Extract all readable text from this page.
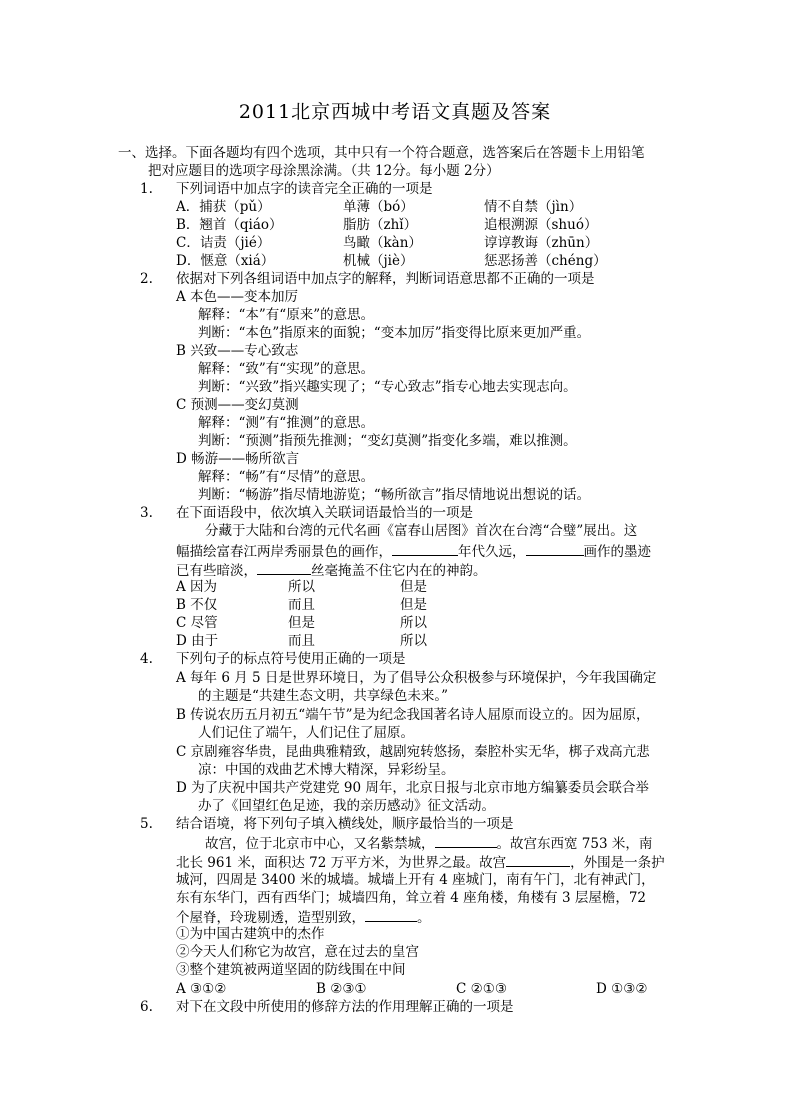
2011北京西城中考语文真题及答案
一、选择。下面各题均有四个选项，其中只有一个符合题意，选答案后在答题卡上用铅笔
把对应题目的选项字母涂黑涂满。（共 12分。每小题 2分）
1. 下列词语中加点字的读音完全正确的一项是
A．捕获（pǔ）	单薄（bó）	情不自禁（jìn）
B．翘首（qiáo）	脂肪（zhǐ）	追根溯源（shuó）
C．诘责（jié）	鸟瞰（kàn）	谆谆教诲（zhūn）
D．惬意（xiá）	机械（jiè）	惩恶扬善（chéng）
2. 依据对下列各组词语中加点字的解释，判断词语意思都不正确的一项是
A 本色——变本加厉
解释：“本”有“原来”的意思。
判断：“本色”指原来的面貌；“变本加厉”指变得比原来更加严重。
B 兴致——专心致志
解释：“致”有“实现”的意思。
判断：“兴致”指兴趣实现了；“专心致志”指专心地去实现志向。
C 预测——变幻莫测
解释：“测”有“推测”的意思。
判断：“预测”指预先推测；“变幻莫测”指变化多端，难以推测。
D 畅游——畅所欲言
解释：“畅”有“尽情”的意思。
判断：“畅游”指尽情地游览；“畅所欲言”指尽情地说出想说的话。
3. 在下面语段中，依次填入关联词语最恰当的一项是
分藏于大陆和台湾的元代名画《富春山居图》首次在台湾“合璧”展出。这
幅描绘富春江两岸秀丽景色的画作，	年代久远，	画作的墨迹
已有些暗淡，	丝毫掩盖不住它内在的神韵。
A 因为	所以	但是
B 不仅	而且	但是
C 尽管	但是	所以
D 由于	而且	所以
4. 下列句子的标点符号使用正确的一项是
A 每年 6 月 5 日是世界环境日，为了倡导公众积极参与环境保护，今年我国确定
的主题是“共建生态文明，共享绿色未来。”
B 传说农历五月初五“端午节”是为纪念我国著名诗人屈原而设立的。因为屈原，
人们记住了端午，人们记住了屈原。
C 京剧雍容华贵，昆曲典雅精致，越剧宛转悠扬，秦腔朴实无华，梆子戏高亢悲
凉：中国的戏曲艺术博大精深，异彩纷呈。
D 为了庆祝中国共产党建党 90 周年，北京日报与北京市地方编纂委员会联合举
办了《回望红色足迹，我的亲历感动》征文活动。
5. 结合语境，将下列句子填入横线处，顺序最恰当的一项是
故宫，位于北京市中心，又名紫禁城，	。故宫东西宽 753 米，南
北长 961 米，面积达 72 万平方米，为世界之最。故宫	，外围是一条护
城河，四周是 3400 米的城墙。城墙上开有 4 座城门，南有午门，北有神武门，
东有东华门，西有西华门；城墙四角，耸立着 4 座角楼，角楼有 3 层屋檐，72
个屋脊，玲珑剔透，造型别致，	。
①为中国古建筑中的杰作
②今天人们称它为故宫，意在过去的皇宫
③整个建筑被两道坚固的防线围在中间
A ③①②	B ②③①	C ②①③	D ①③②
6. 对下在文段中所使用的修辞方法的作用理解正确的一项是
